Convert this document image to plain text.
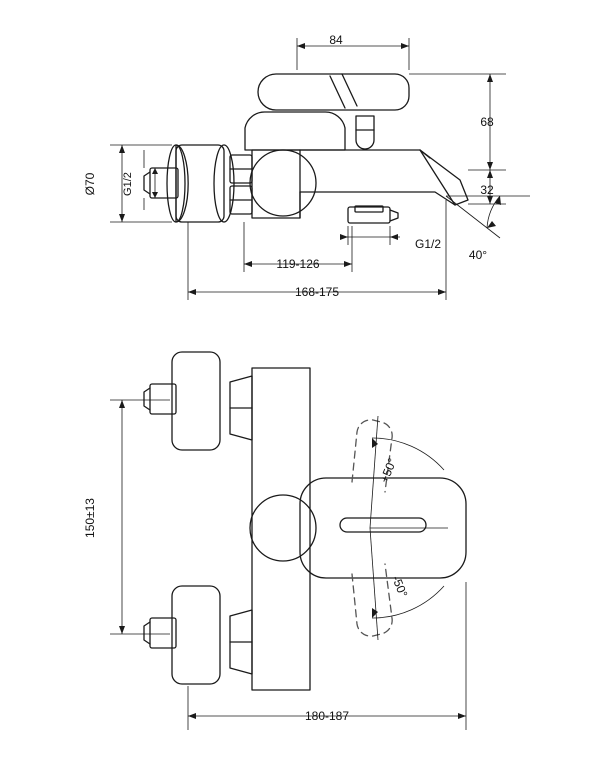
84
68
32
Ø70 G1/2
G1/2
119-126
168-175
40°
150±13
180-187
+50°
-50°
